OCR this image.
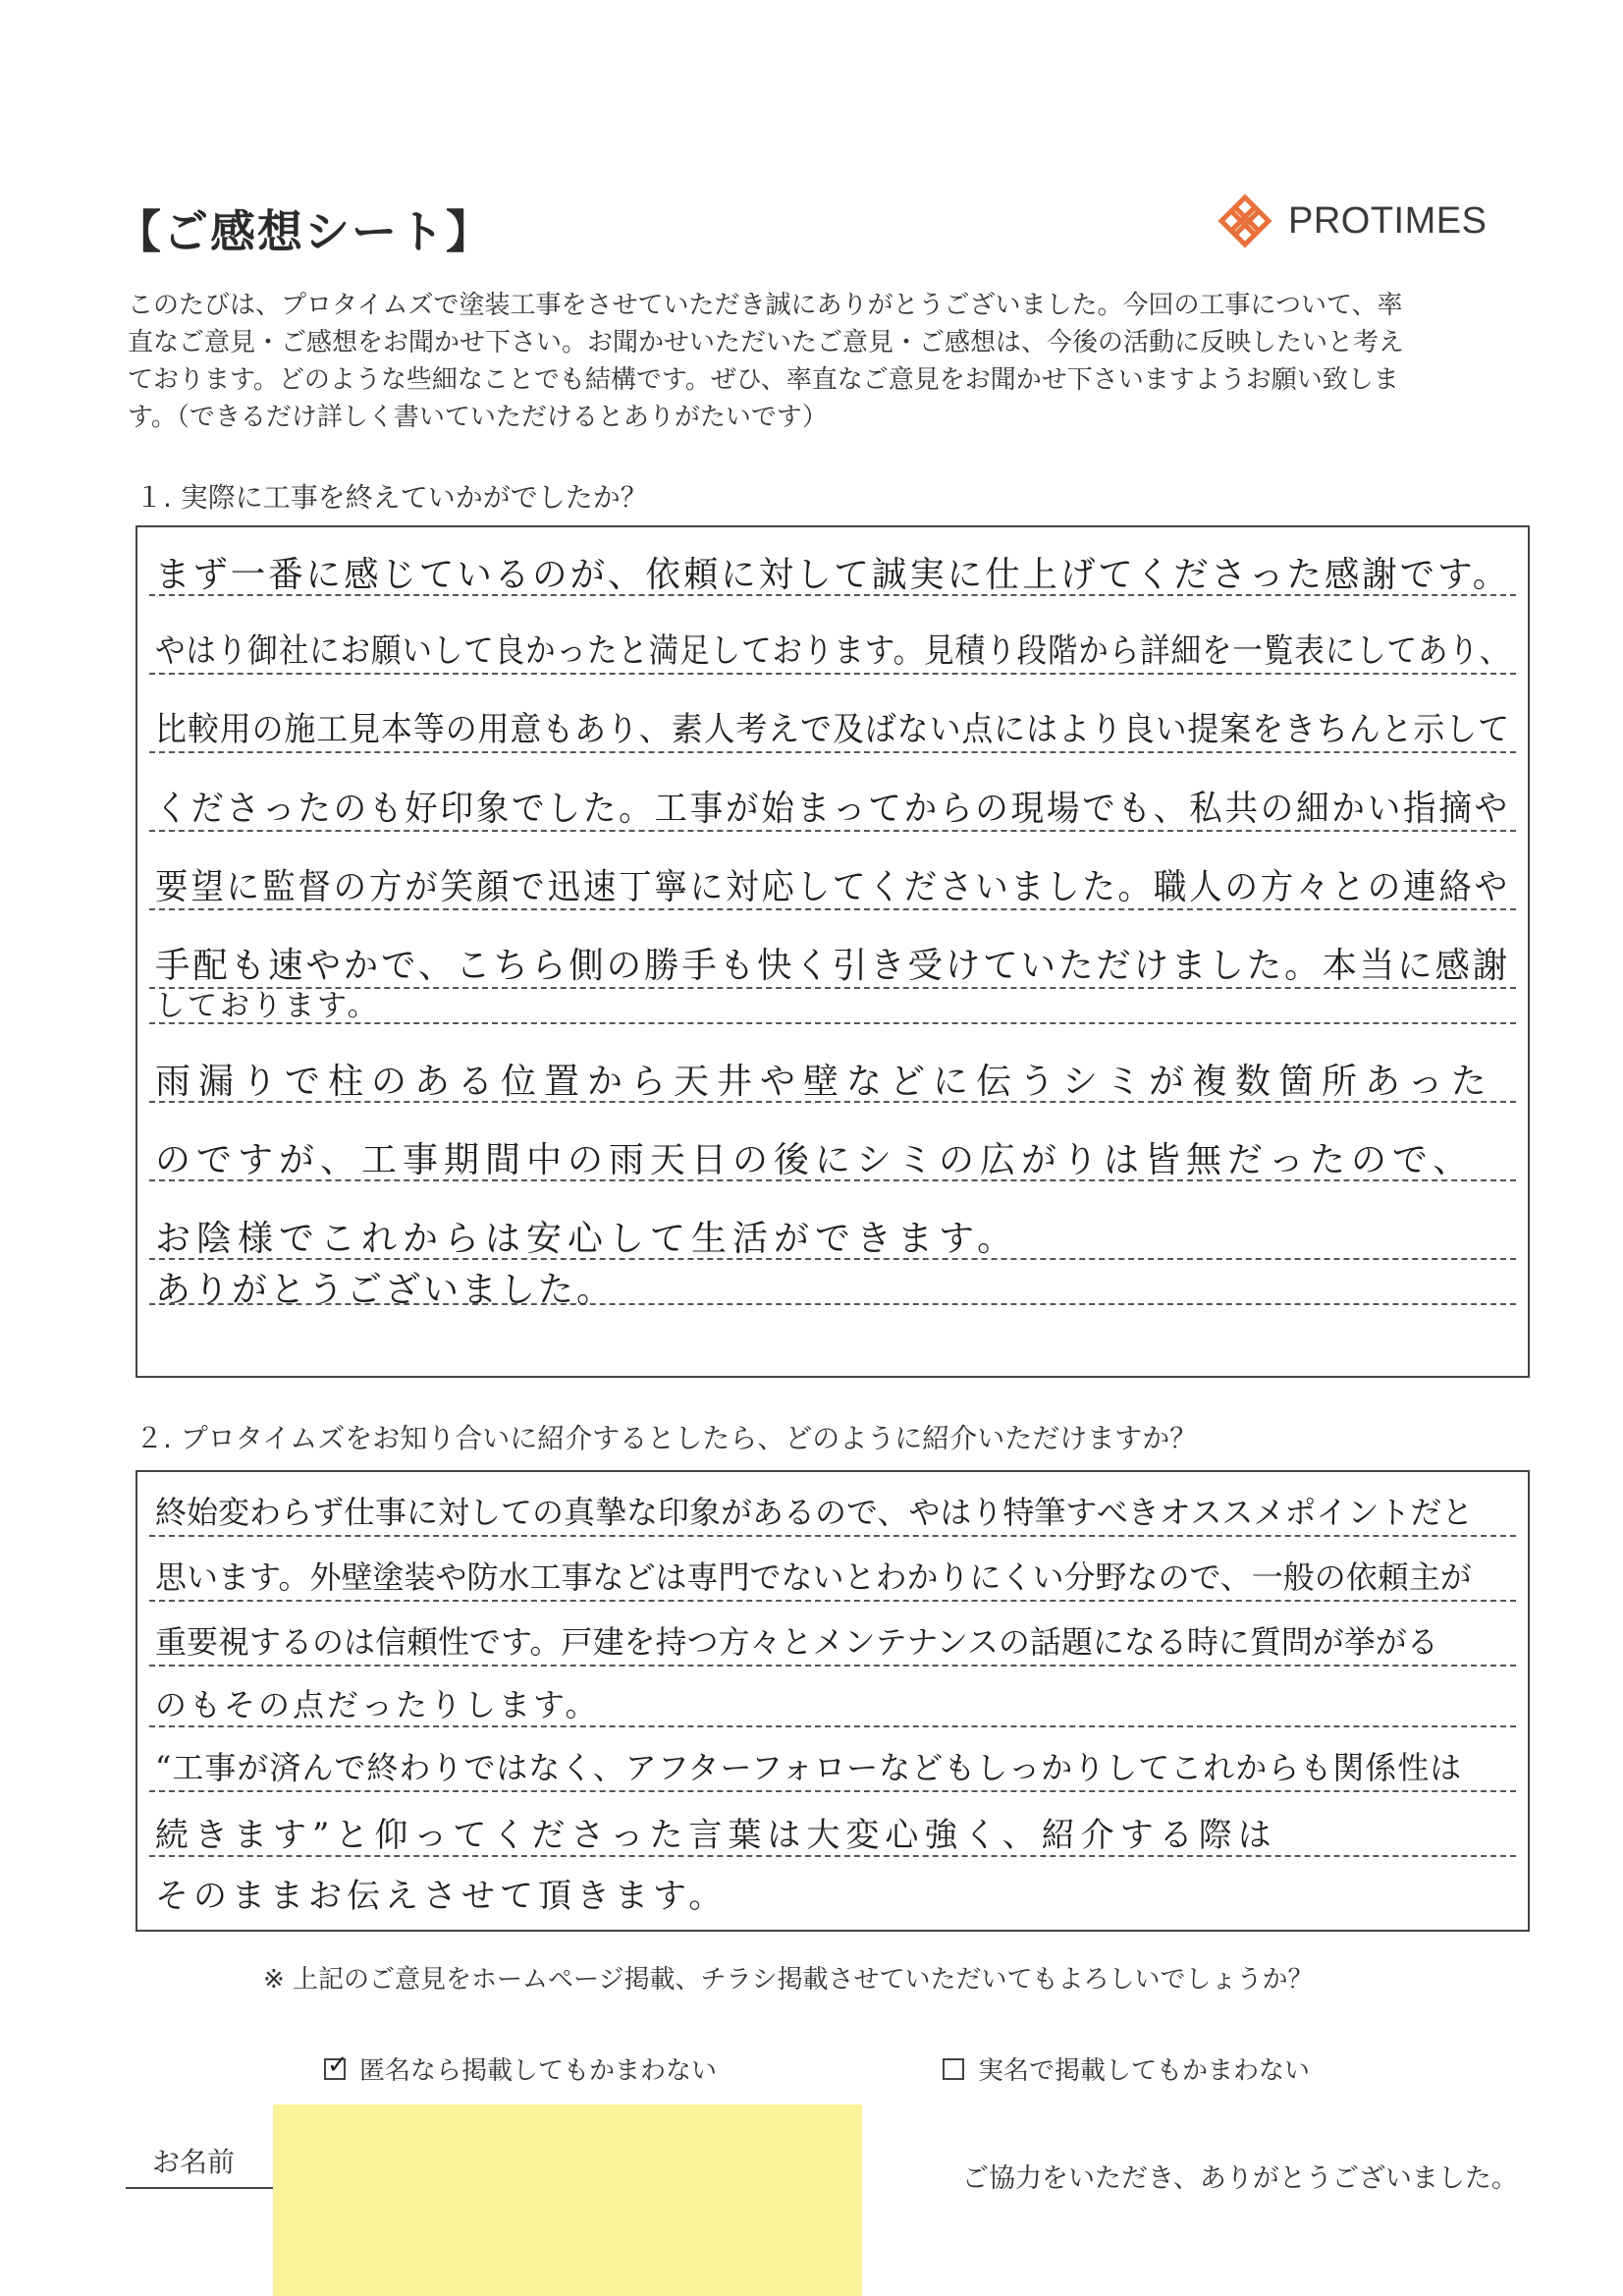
【ご感想シート】	PROTIMES
このたびは、プロタイムズで塗装工事をさせていただき誠にありがとうございました。今回の工事について、率
直なご意見・ご感想をお聞かせ下さい。お聞かせいただいたご意見・ご感想は、今後の活動に反映したいと考え
ております。どのような些細なことでも結構です。ぜひ、率直なご意見をお聞かせ下さいますようお願い致しま
す。（できるだけ詳しく書いていただけるとありがたいです）
１. 実際に工事を終えていかがでしたか？
まず一番に感じているのが、依頼に対して誠実に仕上げてくださった感謝です。
やはり御社にお願いして良かったと満足しております。見積り段階から詳細を一覧表にしてあり、
比較用の施工見本等の用意もあり、素人考えで及ばない点にはより良い提案をきちんと示して
くださったのも好印象でした。工事が始まってからの現場でも、私共の細かい指摘や
要望に監督の方が笑顔で迅速丁寧に対応してくださいました。職人の方々との連絡や
手配も速やかで、こちら側の勝手も快く引き受けていただけました。本当に感謝
しております。
雨漏りで柱のある位置から天井や壁などに伝うシミが複数箇所あった
のですが、工事期間中の雨天日の後にシミの広がりは皆無だったので、
お陰様でこれからは安心して生活ができます。
ありがとうございました。
２. プロタイムズをお知り合いに紹介するとしたら、どのように紹介いただけますか？
終始変わらず仕事に対しての真摯な印象があるので、やはり特筆すべきオススメポイントだと
思います。外壁塗装や防水工事などは専門でないとわかりにくい分野なので、一般の依頼主が
重要視するのは信頼性です。戸建を持つ方々とメンテナンスの話題になる時に質問が挙がる
のもその点だったりします。
“工事が済んで終わりではなく、アフターフォローなどもしっかりしてこれからも関係性は
続きます”と仰ってくださった言葉は大変心強く、紹介する際は
そのままお伝えさせて頂きます。
※ 上記のご意見をホームページ掲載、チラシ掲載させていただいてもよろしいでしょうか？
✓ 匿名なら掲載してもかまわない	実名で掲載してもかまわない
お名前
ご協力をいただき、ありがとうございました。
